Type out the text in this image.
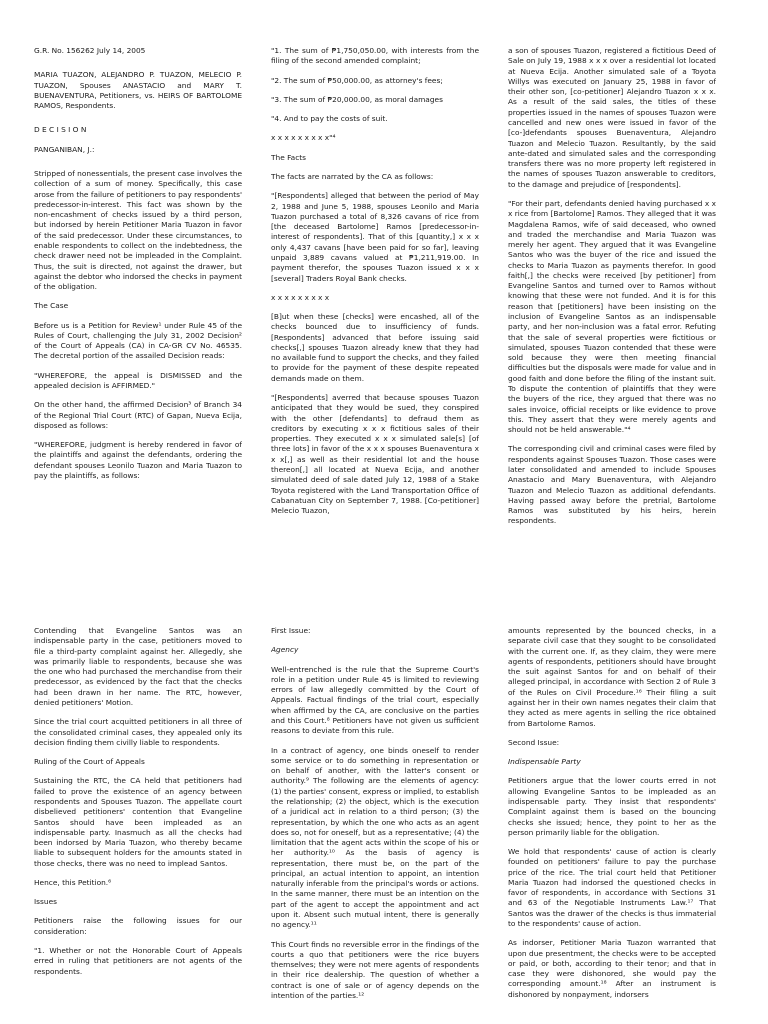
G.R. No. 156262 July 14, 2005

MARIA TUAZON, ALEJANDRO P. TUAZON, MELECIO P. TUAZON, Spouses ANASTACIO and MARY T. BUENAVENTURA, Petitioners, vs. HEIRS OF BARTOLOME RAMOS, Respondents.

D E C I S I O N

PANGANIBAN, J.:

Stripped of nonessentials, the present case involves the collection of a sum of money. Specifically, this case arose from the failure of petitioners to pay respondents' predecessor-in-interest. This fact was shown by the non-encashment of checks issued by a third person, but indorsed by herein Petitioner Maria Tuazon in favor of the said predecessor. Under these circumstances, to enable respondents to collect on the indebtedness, the check drawer need not be impleaded in the Complaint. Thus, the suit is directed, not against the drawer, but against the debtor who indorsed the checks in payment of the obligation.

The Case

Before us is a Petition for Review¹ under Rule 45 of the Rules of Court, challenging the July 31, 2002 Decision² of the Court of Appeals (CA) in CA-GR CV No. 46535. The decretal portion of the assailed Decision reads:

"WHEREFORE, the appeal is DISMISSED and the appealed decision is AFFIRMED."

On the other hand, the affirmed Decision³ of Branch 34 of the Regional Trial Court (RTC) of Gapan, Nueva Ecija, disposed as follows:

"WHEREFORE, judgment is hereby rendered in favor of the plaintiffs and against the defendants, ordering the defendant spouses Leonilo Tuazon and Maria Tuazon to pay the plaintiffs, as follows:

"1. The sum of ₱1,750,050.00, with interests from the filing of the second amended complaint;

"2. The sum of ₱50,000.00, as attorney's fees;

"3. The sum of ₱20,000.00, as moral damages

"4. And to pay the costs of suit.

x x x x x x x x x"⁴

The Facts

The facts are narrated by the CA as follows:

"[Respondents] alleged that between the period of May 2, 1988 and June 5, 1988, spouses Leonilo and Maria Tuazon purchased a total of 8,326 cavans of rice from [the deceased Bartolome] Ramos [predecessor-in-interest of respondents]. That of this [quantity,] x x x only 4,437 cavans [have been paid for so far], leaving unpaid 3,889 cavans valued at ₱1,211,919.00. In payment therefor, the spouses Tuazon issued x x x [several] Traders Royal Bank checks.

x x x x x x x x x

[B]ut when these [checks] were encashed, all of the checks bounced due to insufficiency of funds. [Respondents] advanced that before issuing said checks[,] spouses Tuazon already knew that they had no available fund to support the checks, and they failed to provide for the payment of these despite repeated demands made on them.

"[Respondents] averred that because spouses Tuazon anticipated that they would be sued, they conspired with the other [defendants] to defraud them as creditors by executing x x x fictitious sales of their properties. They executed x x x simulated sale[s] [of three lots] in favor of the x x x spouses Buenaventura x x x[,] as well as their residential lot and the house thereon[,] all located at Nueva Ecija, and another simulated deed of sale dated July 12, 1988 of a Stake Toyota registered with the Land Transportation Office of Cabanatuan City on September 7, 1988. [Co-petitioner] Melecio Tuazon,

a son of spouses Tuazon, registered a fictitious Deed of Sale on July 19, 1988 x x x over a residential lot located at Nueva Ecija. Another simulated sale of a Toyota Willys was executed on January 25, 1988 in favor of their other son, [co-petitioner] Alejandro Tuazon x x x. As a result of the said sales, the titles of these properties issued in the names of spouses Tuazon were cancelled and new ones were issued in favor of the [co-]defendants spouses Buenaventura, Alejandro Tuazon and Melecio Tuazon. Resultantly, by the said ante-dated and simulated sales and the corresponding transfers there was no more property left registered in the names of spouses Tuazon answerable to creditors, to the damage and prejudice of [respondents].

"For their part, defendants denied having purchased x x x rice from [Bartolome] Ramos. They alleged that it was Magdalena Ramos, wife of said deceased, who owned and traded the merchandise and Maria Tuazon was merely her agent. They argued that it was Evangeline Santos who was the buyer of the rice and issued the checks to Maria Tuazon as payments therefor. In good faith[,] the checks were received [by petitioner] from Evangeline Santos and turned over to Ramos without knowing that these were not funded. And it is for this reason that [petitioners] have been insisting on the inclusion of Evangeline Santos as an indispensable party, and her non-inclusion was a fatal error. Refuting that the sale of several properties were fictitious or simulated, spouses Tuazon contended that these were sold because they were then meeting financial difficulties but the disposals were made for value and in good faith and done before the filing of the instant suit. To dispute the contention of plaintiffs that they were the buyers of the rice, they argued that there was no sales invoice, official receipts or like evidence to prove this. They assert that they were merely agents and should not be held answerable."⁴

The corresponding civil and criminal cases were filed by respondents against Spouses Tuazon. Those cases were later consolidated and amended to include Spouses Anastacio and Mary Buenaventura, with Alejandro Tuazon and Melecio Tuazon as additional defendants. Having passed away before the pretrial, Bartolome Ramos was substituted by his heirs, herein respondents.

Contending that Evangeline Santos was an indispensable party in the case, petitioners moved to file a third-party complaint against her. Allegedly, she was primarily liable to respondents, because she was the one who had purchased the merchandise from their predecessor, as evidenced by the fact that the checks had been drawn in her name. The RTC, however, denied petitioners' Motion.

Since the trial court acquitted petitioners in all three of the consolidated criminal cases, they appealed only its decision finding them civilly liable to respondents.

Ruling of the Court of Appeals

Sustaining the RTC, the CA held that petitioners had failed to prove the existence of an agency between respondents and Spouses Tuazon. The appellate court disbelieved petitioners' contention that Evangeline Santos should have been impleaded as an indispensable party. Inasmuch as all the checks had been indorsed by Maria Tuazon, who thereby became liable to subsequent holders for the amounts stated in those checks, there was no need to implead Santos.

Hence, this Petition.⁶

Issues

Petitioners raise the following issues for our consideration:

"1. Whether or not the Honorable Court of Appeals erred in ruling that petitioners are not agents of the respondents.

First Issue:

Agency

Well-entrenched is the rule that the Supreme Court's role in a petition under Rule 45 is limited to reviewing errors of law allegedly committed by the Court of Appeals. Factual findings of the trial court, especially when affirmed by the CA, are conclusive on the parties and this Court.⁸ Petitioners have not given us sufficient reasons to deviate from this rule.

In a contract of agency, one binds oneself to render some service or to do something in representation or on behalf of another, with the latter's consent or authority.⁹ The following are the elements of agency: (1) the parties' consent, express or implied, to establish the relationship; (2) the object, which is the execution of a juridical act in relation to a third person; (3) the representation, by which the one who acts as an agent does so, not for oneself, but as a representative; (4) the limitation that the agent acts within the scope of his or her authority.¹⁰ As the basis of agency is representation, there must be, on the part of the principal, an actual intention to appoint, an intention naturally inferable from the principal's words or actions. In the same manner, there must be an intention on the part of the agent to accept the appointment and act upon it. Absent such mutual intent, there is generally no agency.¹¹

This Court finds no reversible error in the findings of the courts a quo that petitioners were the rice buyers themselves; they were not mere agents of respondents in their rice dealership. The question of whether a contract is one of sale or of agency depends on the intention of the parties.¹²

amounts represented by the bounced checks, in a separate civil case that they sought to be consolidated with the current one. If, as they claim, they were mere agents of respondents, petitioners should have brought the suit against Santos for and on behalf of their alleged principal, in accordance with Section 2 of Rule 3 of the Rules on Civil Procedure.¹⁶ Their filing a suit against her in their own names negates their claim that they acted as mere agents in selling the rice obtained from Bartolome Ramos.

Second Issue:

Indispensable Party

Petitioners argue that the lower courts erred in not allowing Evangeline Santos to be impleaded as an indispensable party. They insist that respondents' Complaint against them is based on the bouncing checks she issued; hence, they point to her as the person primarily liable for the obligation.

We hold that respondents' cause of action is clearly founded on petitioners' failure to pay the purchase price of the rice. The trial court held that Petitioner Maria Tuazon had indorsed the questioned checks in favor of respondents, in accordance with Sections 31 and 63 of the Negotiable Instruments Law.¹⁷ That Santos was the drawer of the checks is thus immaterial to the respondents' cause of action.

As indorser, Petitioner Maria Tuazon warranted that upon due presentment, the checks were to be accepted or paid, or both, according to their tenor; and that in case they were dishonored, she would pay the corresponding amount.¹⁸ After an instrument is dishonored by nonpayment, indorsers
